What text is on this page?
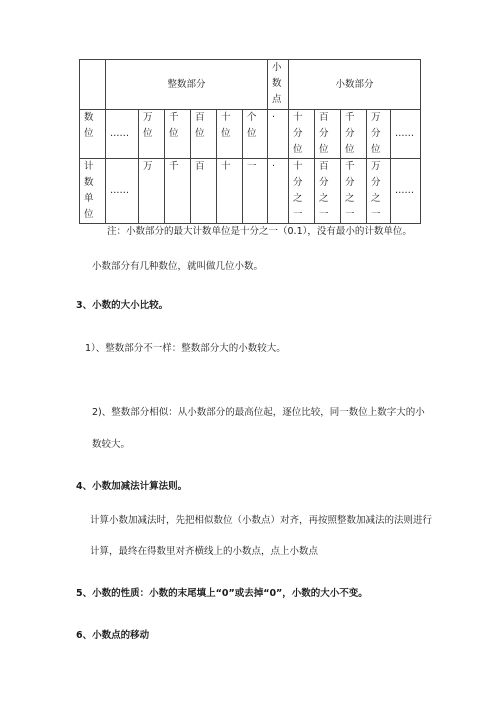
	整数部分						小数点	小数部分				

数位	……	万位	千位	百位	十位	个位	·	十分位	百分位	千分位	万分位	……

计数单位	……	万	千	百	十	一	·	十分之一	百分之一	千分之一	万分之一	……

注：小数部分的最大计数单位是十分之一（0.1），没有最小的计数单位。

小数部分有几种数位，就叫做几位小数。

3、小数的大小比较。

1）、整数部分不一样：整数部分大的小数较大。

2)、整数部分相似：从小数部分的最高位起，逐位比较，同一数位上数字大的小

数较大。

4、小数加减法计算法则。

计算小数加减法时，先把相似数位（小数点）对齐，再按照整数加减法的法则进行

计算，最终在得数里对齐横线上的小数点，点上小数点

5、小数的性质：小数的末尾填上“0”或去掉“0”，小数的大小不变。

6、小数点的移动
